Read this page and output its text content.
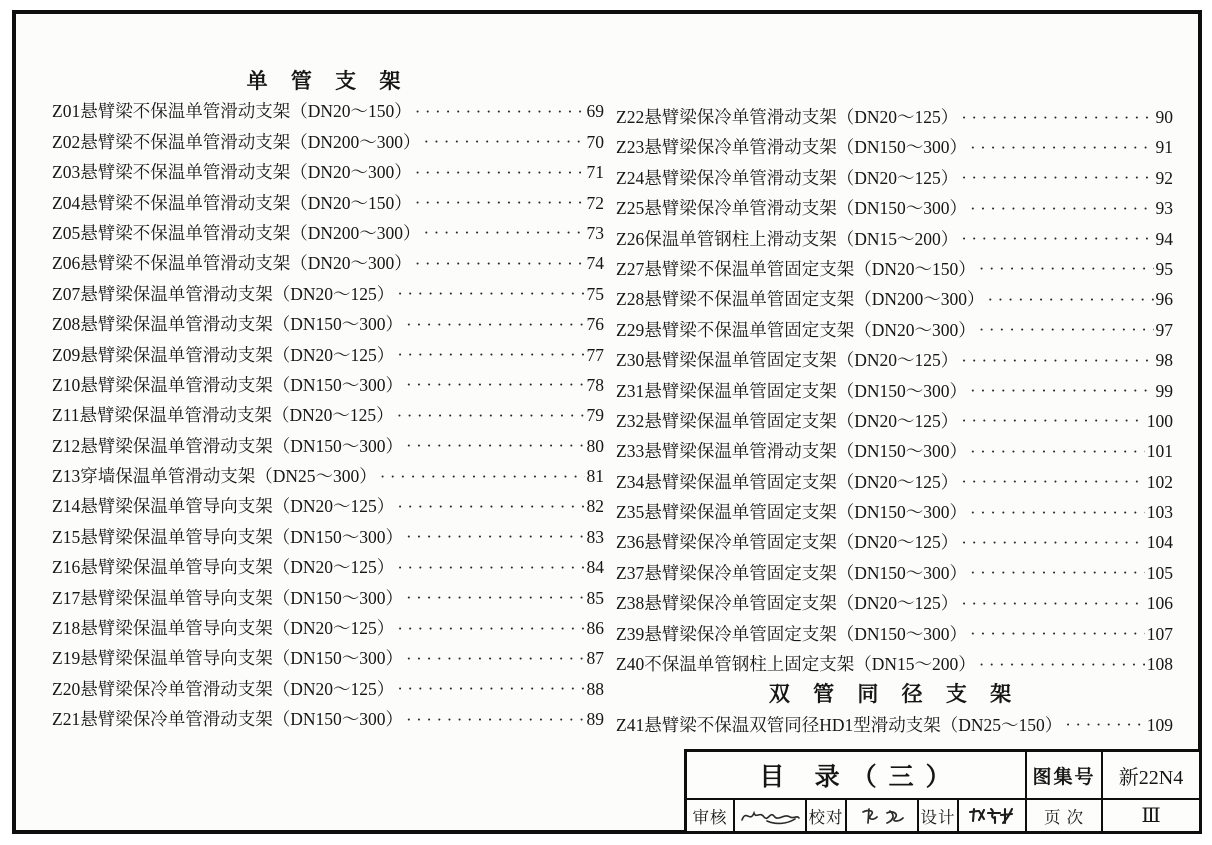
单 管 支 架
Z01悬臂梁不保温单管滑动支架（DN20～150） ·····	69
Z02悬臂梁不保温单管滑动支架（DN200～300） ·····	70
Z03悬臂梁不保温单管滑动支架（DN20～300） ·····	71
Z04悬臂梁不保温单管滑动支架（DN20～150） ·····	72
Z05悬臂梁不保温单管滑动支架（DN200～300） ·····	73
Z06悬臂梁不保温单管滑动支架（DN20～300） ·····	74
Z07悬臂梁保温单管滑动支架（DN20～125） ·····	75
Z08悬臂梁保温单管滑动支架（DN150～300） ·····	76
Z09悬臂梁保温单管滑动支架（DN20～125） ·····	77
Z10悬臂梁保温单管滑动支架（DN150～300） ·····	78
Z11悬臂梁保温单管滑动支架（DN20～125） ·····	79
Z12悬臂梁保温单管滑动支架（DN150～300） ·····	80
Z13穿墙保温单管滑动支架（DN25～300） ·····	81
Z14悬臂梁保温单管导向支架（DN20～125） ·····	82
Z15悬臂梁保温单管导向支架（DN150～300） ·····	83
Z16悬臂梁保温单管导向支架（DN20～125） ·····	84
Z17悬臂梁保温单管导向支架（DN150～300） ·····	85
Z18悬臂梁保温单管导向支架（DN20～125） ·····	86
Z19悬臂梁保温单管导向支架（DN150～300） ·····	87
Z20悬臂梁保冷单管滑动支架（DN20～125） ·····	88
Z21悬臂梁保冷单管滑动支架（DN150～300） ·····	89
Z22悬臂梁保冷单管滑动支架（DN20～125） ·····	90
Z23悬臂梁保冷单管滑动支架（DN150～300） ·····	91
Z24悬臂梁保冷单管滑动支架（DN20～125） ·····	92
Z25悬臂梁保冷单管滑动支架（DN150～300） ·····	93
Z26保温单管钢柱上滑动支架（DN15～200） ·····	94
Z27悬臂梁不保温单管固定支架（DN20～150） ·····	95
Z28悬臂梁不保温单管固定支架（DN200～300） ·····	96
Z29悬臂梁不保温单管固定支架（DN20～300） ·····	97
Z30悬臂梁保温单管固定支架（DN20～125） ·····	98
Z31悬臂梁保温单管固定支架（DN150～300） ·····	99
Z32悬臂梁保温单管固定支架（DN20～125） ·····	100
Z33悬臂梁保温单管滑动支架（DN150～300） ·····	101
Z34悬臂梁保温单管固定支架（DN20～125） ·····	102
Z35悬臂梁保温单管固定支架（DN150～300） ·····	103
Z36悬臂梁保冷单管固定支架（DN20～125） ·····	104
Z37悬臂梁保冷单管固定支架（DN150～300） ·····	105
Z38悬臂梁保冷单管固定支架（DN20～125） ·····	106
Z39悬臂梁保冷单管固定支架（DN150～300） ·····	107
Z40不保温单管钢柱上固定支架（DN15～200） ·····	108
双 管 同 径 支 架
Z41悬臂梁不保温双管同径HD1型滑动支架（DN25～150） ·····	109
目 录（三）	图集号	新22N4
审核	校对	设计	页 次	Ⅲ
